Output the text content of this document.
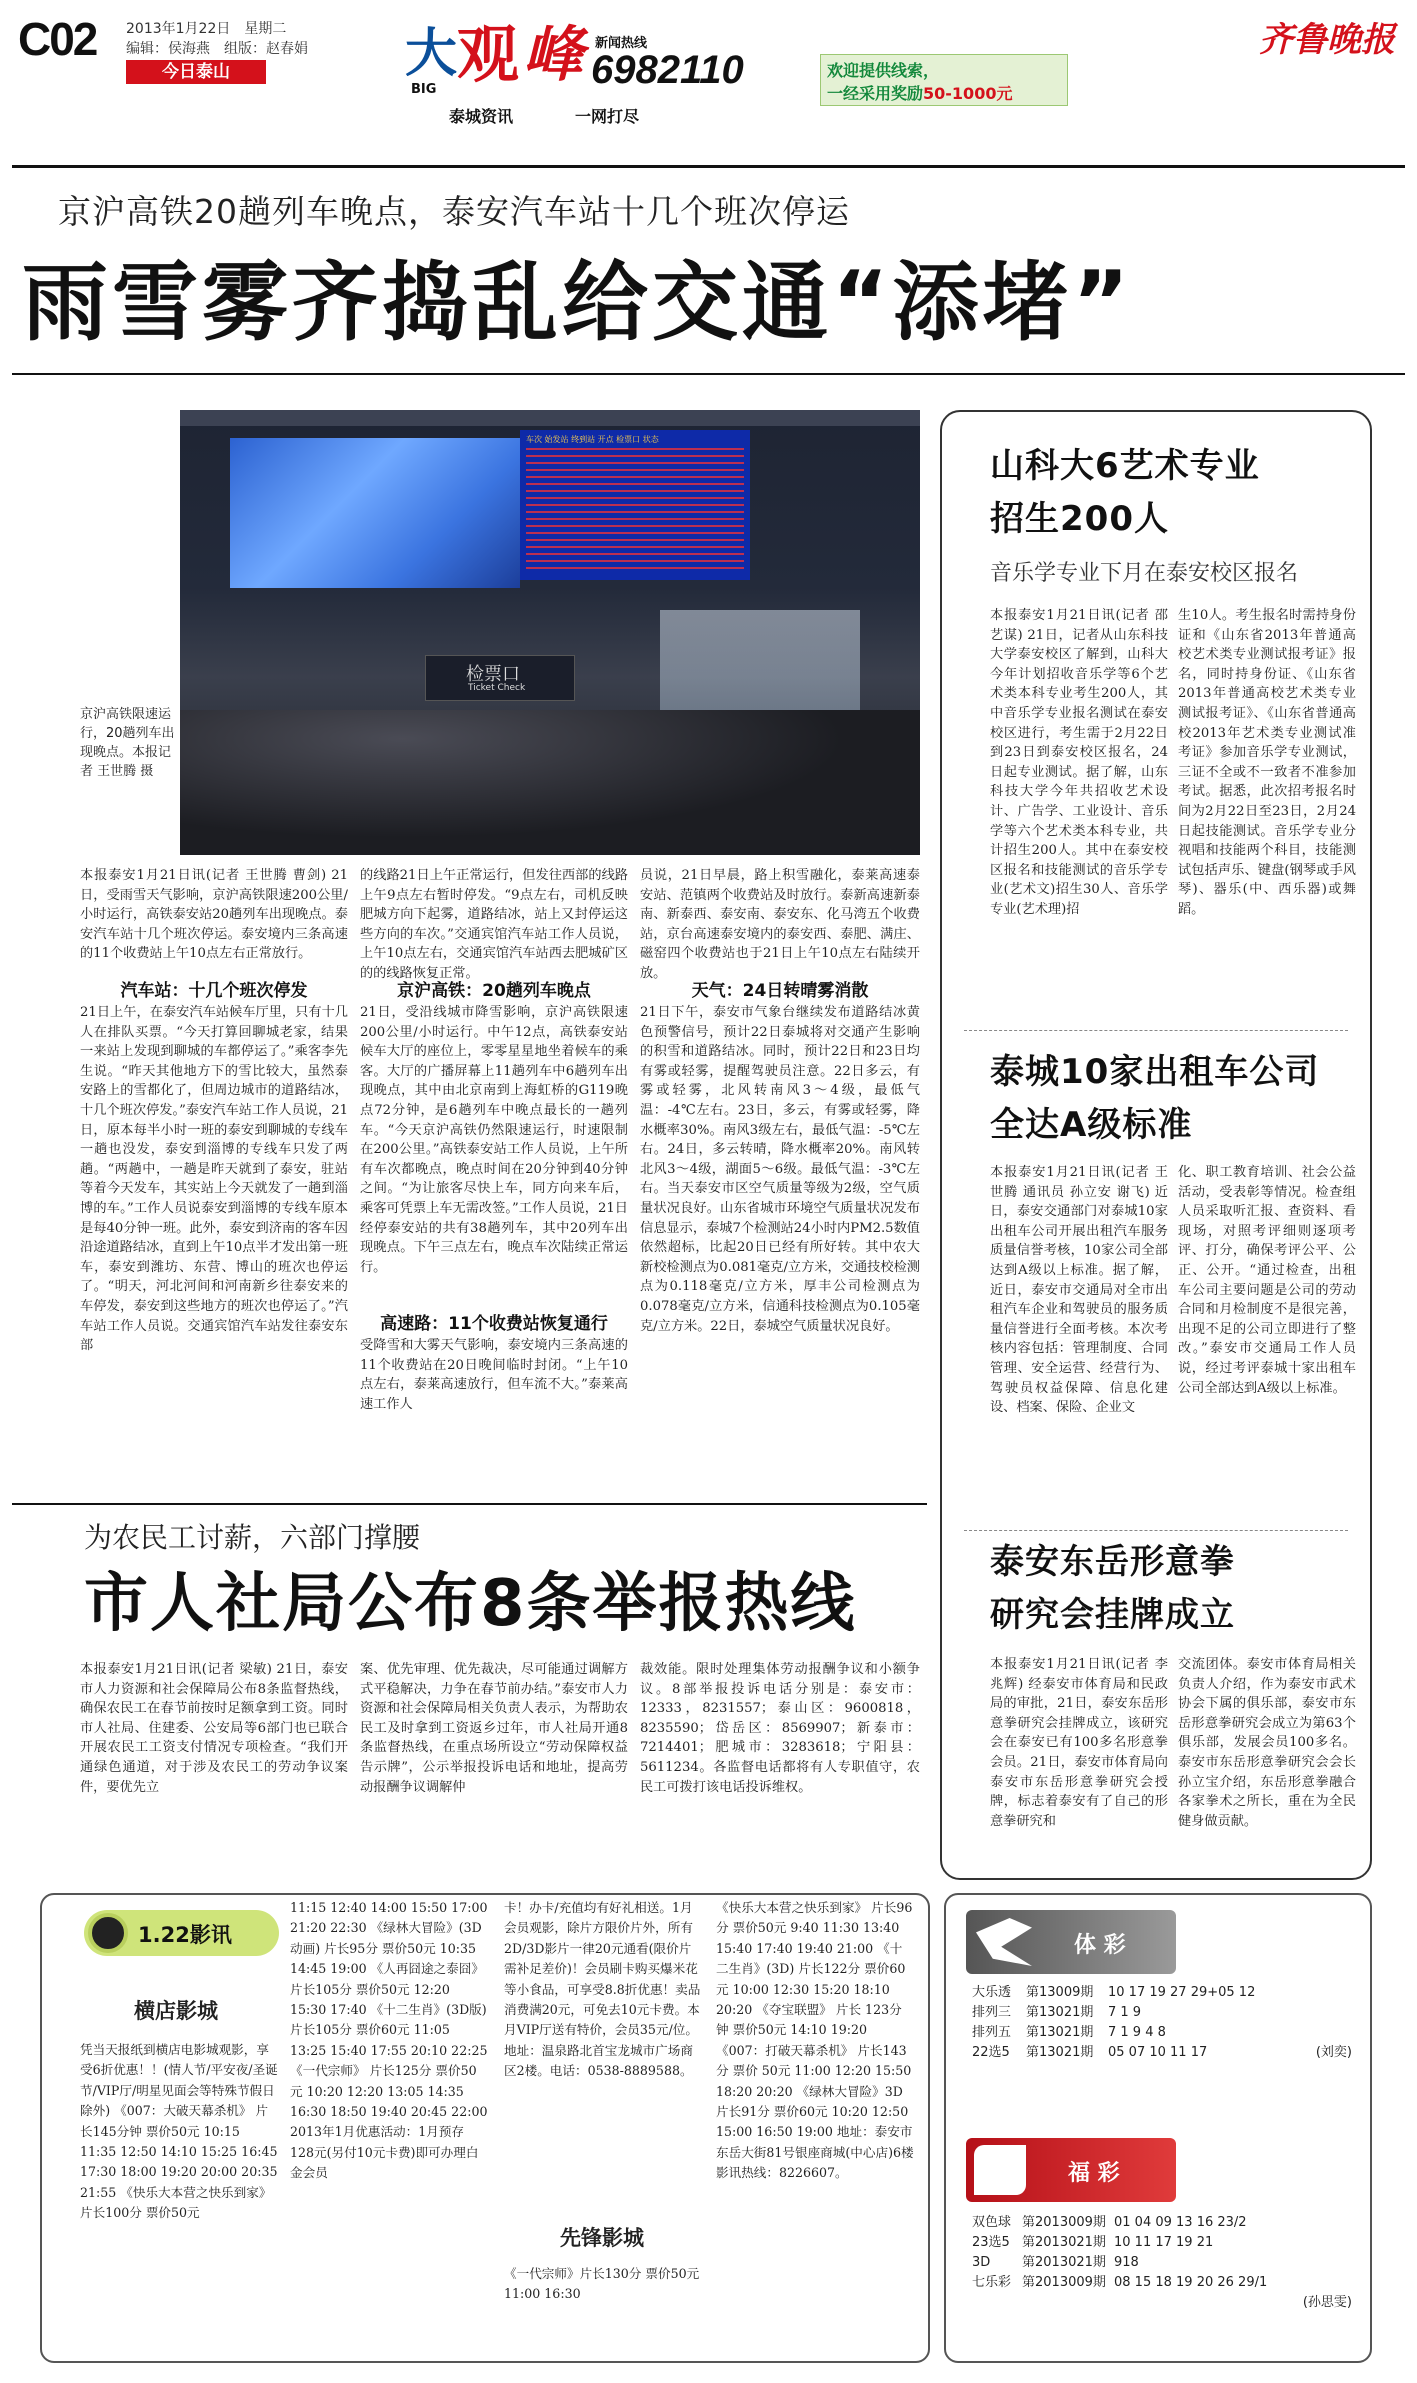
C02 2013年1月22日　星期二
编辑：侯海燕　组版：赵春娟
今日泰山	大
BIG 观 峰 新闻热线
6982110
泰城资讯	一网打尽
欢迎提供线索，
一经采用奖励50-1000元
齐鲁晚报
京沪高铁20趟列车晚点，泰安汽车站十几个班次停运
雨雪雾齐捣乱给交通“添堵”
车次 始发站 终到站 开点 检票口 状态
检票口
Ticket Check
京沪高铁限速运行，20趟列车出现晚点。本报记者 王世腾 摄
本报泰安1月21日讯(记者 王世腾 曹剑) 21日，受雨雪天气影响，京沪高铁限速200公里/小时运行，高铁泰安站20趟列车出现晚点。泰安汽车站十几个班次停运。泰安境内三条高速的11个收费站上午10点左右正常放行。
汽车站：十几个班次停发
21日上午，在泰安汽车站候车厅里，只有十几人在排队买票。“今天打算回聊城老家，结果一来站上发现到聊城的车都停运了。”乘客李先生说。“昨天其他地方下的雪比较大，虽然泰安路上的雪都化了，但周边城市的道路结冰，十几个班次停发。”泰安汽车站工作人员说，21日，原本每半小时一班的泰安到聊城的专线车一趟也没发，泰安到淄博的专线车只发了两趟。“两趟中，一趟是昨天就到了泰安，驻站等着今天发车，其实站上今天就发了一趟到淄博的车。”工作人员说泰安到淄博的专线车原本是每40分钟一班。此外，泰安到济南的客车因沿途道路结冰，直到上午10点半才发出第一班车，泰安到潍坊、东营、博山的班次也停运了。“明天，河北河间和河南新乡往泰安来的车停发，泰安到这些地方的班次也停运了。”汽车站工作人员说。交通宾馆汽车站发往泰安东部
的线路21日上午正常运行，但发往西部的线路上午9点左右暂时停发。“9点左右，司机反映肥城方向下起雾，道路结冰，站上又封停运这些方向的车次。”交通宾馆汽车站工作人员说，上午10点左右，交通宾馆汽车站西去肥城矿区的的线路恢复正常。
京沪高铁：20趟列车晚点
21日，受沿线城市降雪影响，京沪高铁限速200公里/小时运行。中午12点，高铁泰安站候车大厅的座位上，零零星星地坐着候车的乘客。大厅的广播屏幕上11趟列车中6趟列车出现晚点，其中由北京南到上海虹桥的G119晚点72分钟，是6趟列车中晚点最长的一趟列车。“今天京沪高铁仍然限速运行，时速限制在200公里。”高铁泰安站工作人员说，上午所有车次都晚点，晚点时间在20分钟到40分钟之间。“为让旅客尽快上车，同方向来车后，乘客可凭票上车无需改签。”工作人员说，21日经停泰安站的共有38趟列车，其中20列车出现晚点。下午三点左右，晚点车次陆续正常运行。
高速路：11个收费站恢复通行
受降雪和大雾天气影响，泰安境内三条高速的11个收费站在20日晚间临时封闭。“上午10点左右，泰莱高速放行，但车流不大。”泰莱高速工作人
员说，21日早晨，路上积雪融化，泰莱高速泰安站、范镇两个收费站及时放行。泰新高速新泰南、新泰西、泰安南、泰安东、化马湾五个收费站，京台高速泰安境内的泰安西、泰肥、满庄、磁窑四个收费站也于21日上午10点左右陆续开放。
天气：24日转晴雾消散
21日下午，泰安市气象台继续发布道路结冰黄色预警信号，预计22日泰城将对交通产生影响的积雪和道路结冰。同时，预计22日和23日均有雾或轻雾，提醒驾驶员注意。22日多云，有雾或轻雾，北风转南风3～4级，最低气温：-4℃左右。23日，多云，有雾或轻雾，降水概率30%。南风3级左右，最低气温：-5℃左右。24日，多云转晴，降水概率20%。南风转北风3～4级，湖面5～6级。最低气温：-3℃左右。当天泰安市区空气质量等级为2级，空气质量状况良好。山东省城市环境空气质量状况发布信息显示，泰城7个检测站24小时内PM2.5数值依然超标，比起20日已经有所好转。其中农大新校检测点为0.081毫克/立方米，交通技校检测点为0.118毫克/立方米，厚丰公司检测点为0.078毫克/立方米，信通科技检测点为0.105毫克/立方米。22日，泰城空气质量状况良好。
为农民工讨薪，六部门撑腰
市人社局公布8条举报热线
本报泰安1月21日讯(记者 梁敏) 21日，泰安市人力资源和社会保障局公布8条监督热线，确保农民工在春节前按时足额拿到工资。同时市人社局、住建委、公安局等6部门也已联合开展农民工工资支付情况专项检查。“我们开通绿色通道，对于涉及农民工的劳动争议案件，要优先立
案、优先审理、优先裁决，尽可能通过调解方式平稳解决，力争在春节前办结。”泰安市人力资源和社会保障局相关负责人表示，为帮助农民工及时拿到工资返乡过年，市人社局开通8条监督热线，在重点场所设立“劳动保障权益告示牌”，公示举报投诉电话和地址，提高劳动报酬争议调解仲
裁效能。限时处理集体劳动报酬争议和小额争议。8部举报投诉电话分别是：泰安市：12333，8231557；泰山区：9600818，8235590；岱岳区：8569907；新泰市：7214401；肥城市：3283618；宁阳县：5611234。各监督电话都将有人专职值守，农民工可拨打该电话投诉维权。
山科大6艺术专业
招生200人
音乐学专业下月在泰安校区报名
本报泰安1月21日讯(记者 邵艺谋) 21日，记者从山东科技大学泰安校区了解到，山科大今年计划招收音乐学等6个艺术类本科专业考生200人，其中音乐学专业报名测试在泰安校区进行，考生需于2月22日到23日到泰安校区报名，24日起专业测试。据了解，山东科技大学今年共招收艺术设计、广告学、工业设计、音乐学等六个艺术类本科专业，共计招生200人。其中在泰安校区报名和技能测试的音乐学专业(艺术文)招生30人、音乐学专业(艺术理)招
生10人。考生报名时需持身份证和《山东省2013年普通高校艺术类专业测试报考证》报名，同时持身份证、《山东省2013年普通高校艺术类专业测试报考证》、《山东省普通高校2013年艺术类专业测试准考证》参加音乐学专业测试，三证不全或不一致者不准参加考试。据悉，此次招考报名时间为2月22日至23日，2月24日起技能测试。音乐学专业分视唱和技能两个科目，技能测试包括声乐、键盘(钢琴或手风琴)、器乐(中、西乐器)或舞蹈。
泰城10家出租车公司
全达A级标准
本报泰安1月21日讯(记者 王世腾 通讯员 孙立安 谢飞) 近日，泰安交通部门对泰城10家出租车公司开展出租汽车服务质量信誉考核，10家公司全部达到A级以上标准。据了解，近日，泰安市交通局对全市出租汽车企业和驾驶员的服务质量信誉进行全面考核。本次考核内容包括：管理制度、合同管理、安全运营、经营行为、驾驶员权益保障、信息化建设、档案、保险、企业文
化、职工教育培训、社会公益活动，受表彰等情况。检查组人员采取听汇报、查资料、看现场，对照考评细则逐项考评、打分，确保考评公平、公正、公开。“通过检查，出租车公司主要问题是公司的劳动合同和月检制度不是很完善，出现不足的公司立即进行了整改。”泰安市交通局工作人员说，经过考评泰城十家出租车公司全部达到A级以上标准。
泰安东岳形意拳
研究会挂牌成立
本报泰安1月21日讯(记者 李兆辉) 经泰安市体育局和民政局的审批，21日，泰安东岳形意拳研究会挂牌成立，该研究会在泰安已有100多名形意拳会员。21日，泰安市体育局向泰安市东岳形意拳研究会授牌，标志着泰安有了自己的形意拳研究和
交流团体。泰安市体育局相关负责人介绍，作为泰安市武术协会下属的俱乐部，泰安市东岳形意拳研究会成立为第63个俱乐部，发展会员100多名。泰安市东岳形意拳研究会会长孙立宝介绍，东岳形意拳融合各家拳术之所长，重在为全民健身做贡献。
1.22影讯
横店影城
凭当天报纸到横店电影城观影，享受6折优惠！！(情人节/平安夜/圣诞节/VIP厅/明星见面会等特殊节假日除外) 《007：大破天幕杀机》 片长145分钟 票价50元 10:15 11:35 12:50 14:10 15:25 16:45 17:30 18:00 19:20 20:00 20:35 21:55 《快乐大本营之快乐到家》 片长100分 票价50元
11:15 12:40 14:00 15:50 17:00 21:20 22:30 《绿林大冒险》(3D动画) 片长95分 票价50元 10:35 14:45 19:00 《人再囧途之泰囧》 片长105分 票价50元 12:20 15:30 17:40 《十二生肖》(3D版) 片长105分 票价60元 11:05 13:25 15:40 17:55 20:10 22:25 《一代宗师》 片长125分 票价50元 10:20 12:20 13:05 14:35 16:30 18:50 19:40 20:45 22:00 2013年1月优惠活动：1月预存128元(另付10元卡费)即可办理白金会员
卡！办卡/充值均有好礼相送。1月会员观影，除片方限价片外，所有2D/3D影片一律20元通看(限价片需补足差价)！会员刷卡购买爆米花等小食品，可享受8.8折优惠！卖品消费满20元，可免去10元卡费。本月VIP厅送有特价，会员35元/位。地址：温泉路北首宝龙城市广场商区2楼。电话：0538-8889588。
先锋影城
《一代宗师》片长130分 票价50元 11:00 16:30
《快乐大本营之快乐到家》 片长96分 票价50元 9:40 11:30 13:40 15:40 17:40 19:40 21:00 《十二生肖》(3D) 片长122分 票价60元 10:00 12:30 15:20 18:10 20:20 《夺宝联盟》 片长 123分钟 票价50元 14:10 19:20 《007：打破天幕杀机》 片长143分 票价 50元 11:00 12:20 15:50 18:20 20:20 《绿林大冒险》3D 片长91分 票价60元 10:20 12:50 15:00 16:50 19:00 地址：泰安市东岳大街81号银座商城(中心店)6楼 影讯热线：8226607。
体 彩
大乐透 第13009期 10 17 19 27 29+05 12
排列三 第13021期 7 1 9
排列五 第13021期 7 1 9 4 8
22选5 第13021期 05 07 10 11 17	(刘奕)
福 彩
双色球 第2013009期 01 04 09 13 16 23/2
23选5 第2013021期 10 11 17 19 21
3D 第2013021期 918
七乐彩 第2013009期 08 15 18 19 20 26 29/1
(孙思雯)
